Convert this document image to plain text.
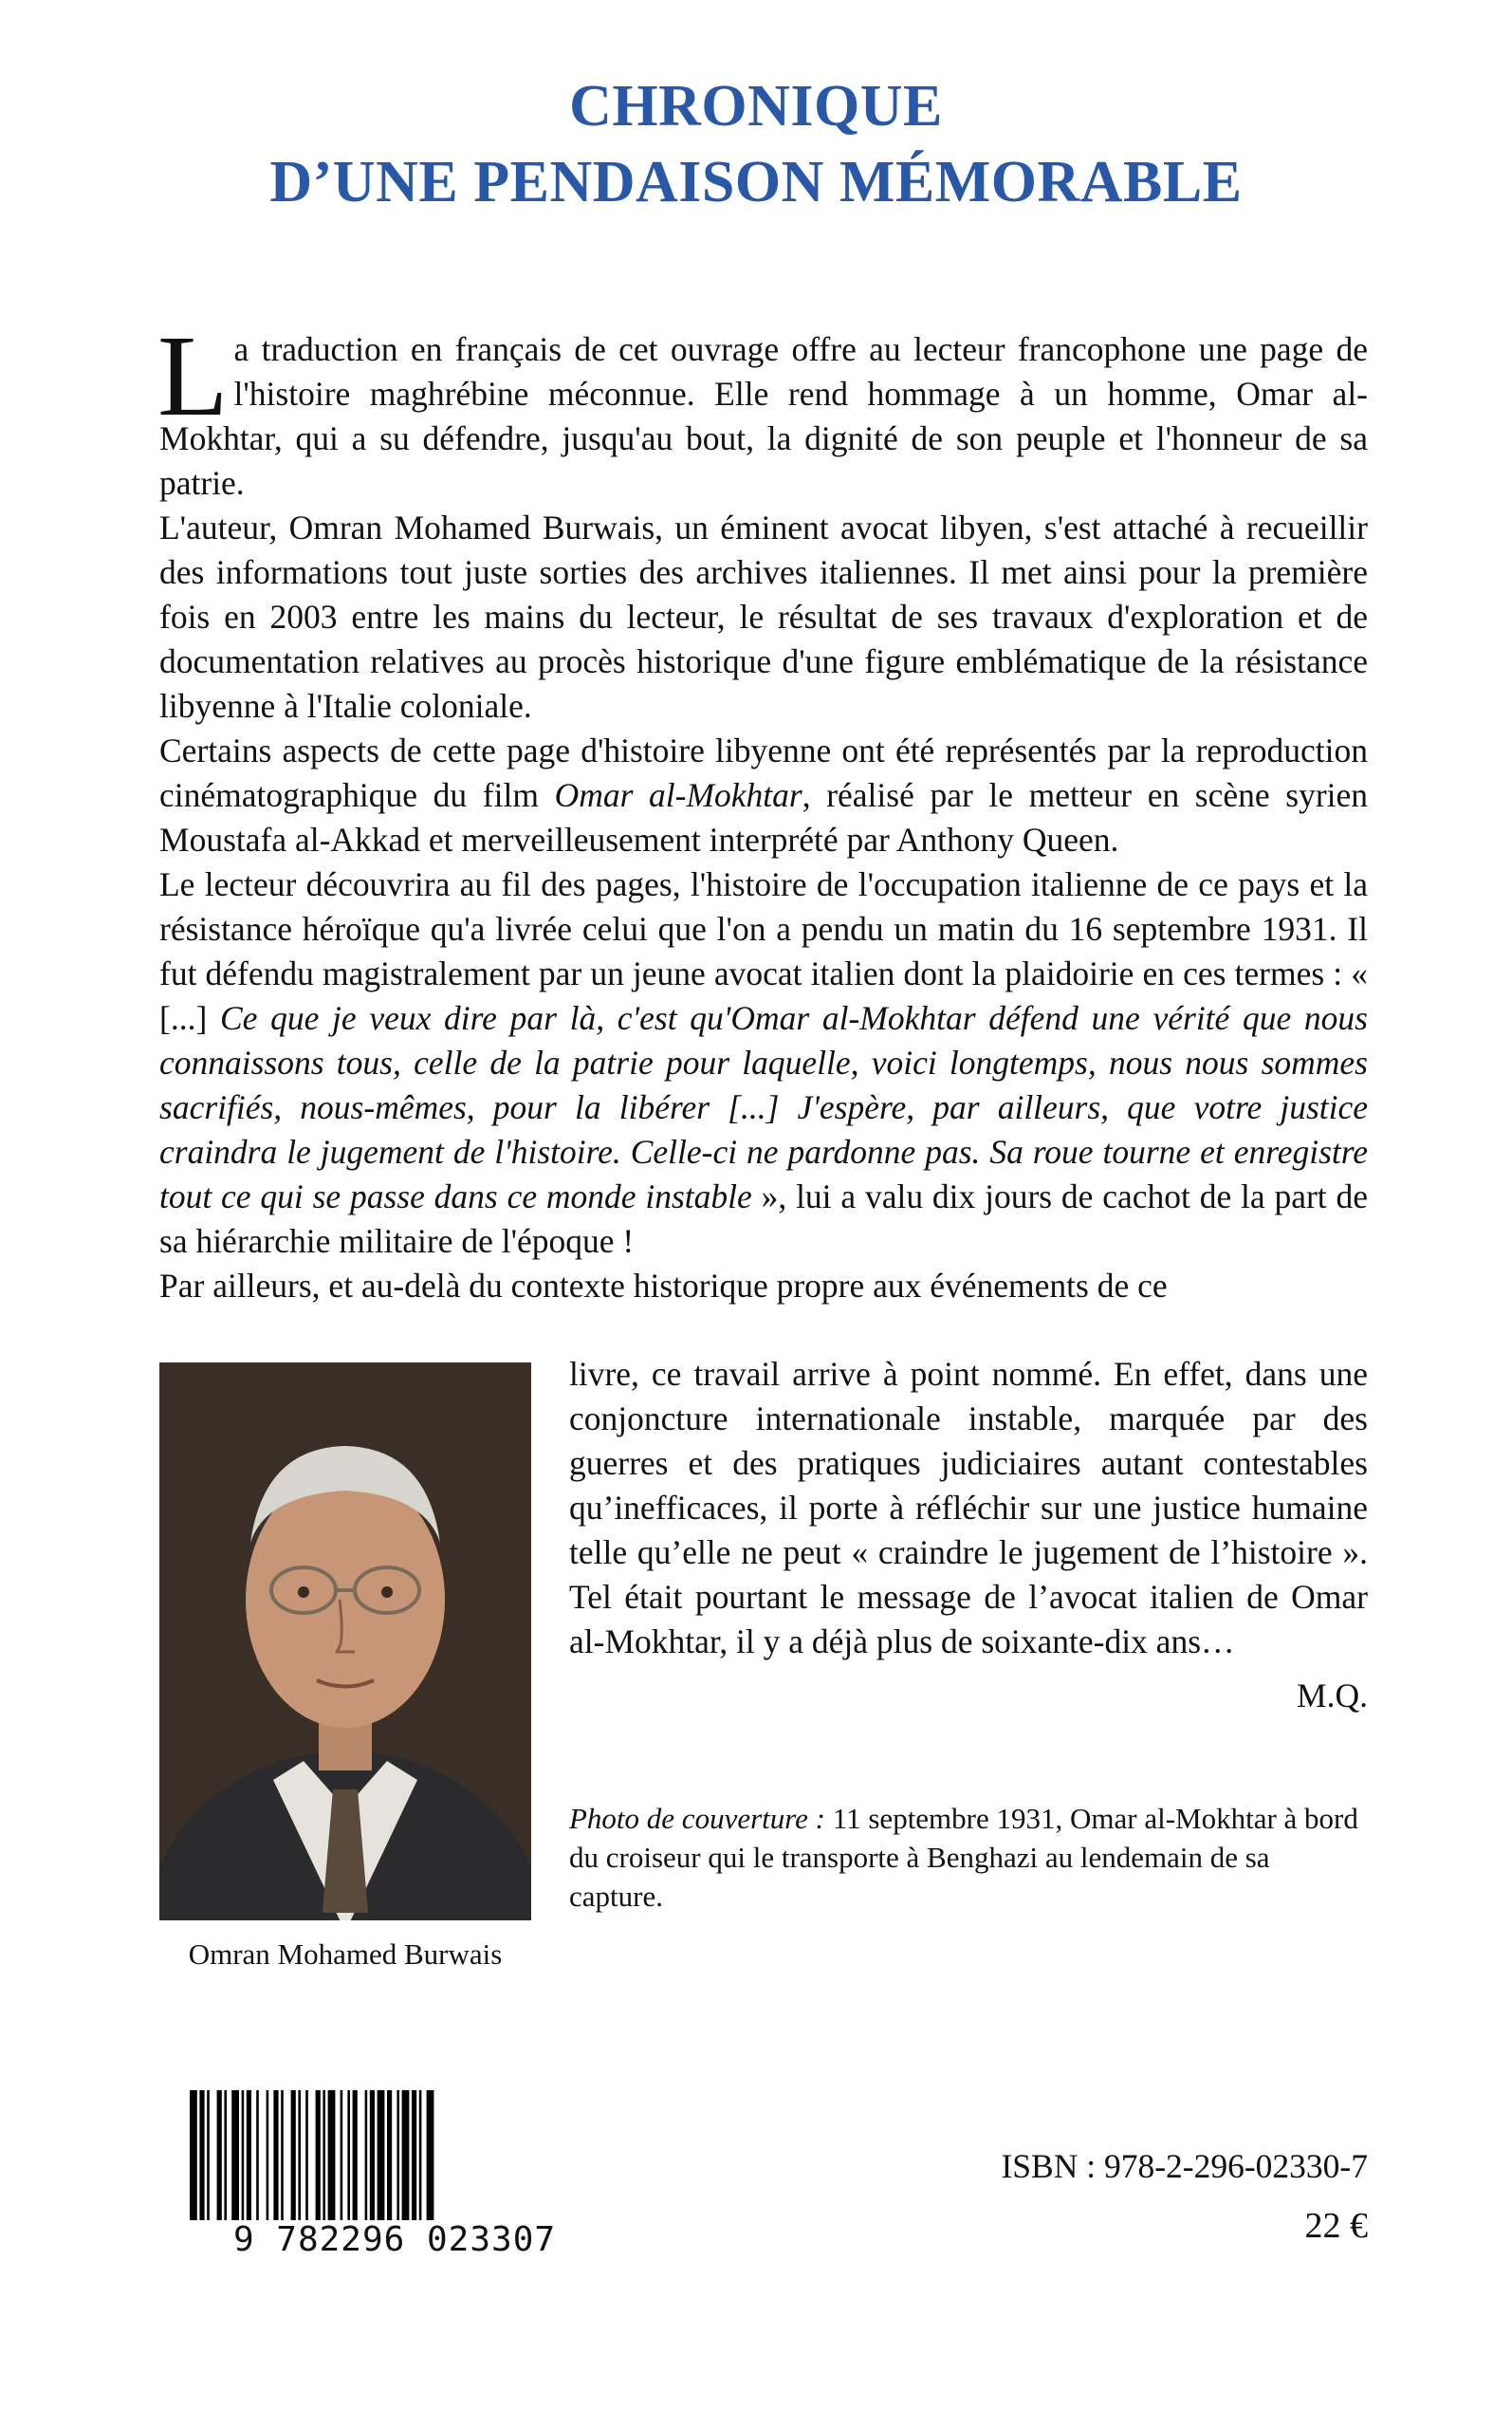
CHRONIQUE
D’UNE PENDAISON MÉMORABLE

La traduction en français de cet ouvrage offre au lecteur francophone une page de l'histoire maghrébine méconnue. Elle rend hommage à un homme, Omar al-Mokhtar, qui a su défendre, jusqu'au bout, la dignité de son peuple et l'honneur de sa patrie.

L'auteur, Omran Mohamed Burwais, un éminent avocat libyen, s'est attaché à recueillir des informations tout juste sorties des archives italiennes. Il met ainsi pour la première fois en 2003 entre les mains du lecteur, le résultat de ses travaux d'exploration et de documentation relatives au procès historique d'une figure emblématique de la résistance libyenne à l'Italie coloniale.

Certains aspects de cette page d'histoire libyenne ont été représentés par la reproduction cinématographique du film Omar al-Mokhtar, réalisé par le metteur en scène syrien Moustafa al-Akkad et merveilleusement interprété par Anthony Queen.

Le lecteur découvrira au fil des pages, l'histoire de l'occupation italienne de ce pays et la résistance héroïque qu'a livrée celui que l'on a pendu un matin du 16 septembre 1931. Il fut défendu magistralement par un jeune avocat italien dont la plaidoirie en ces termes : « [...] Ce que je veux dire par là, c'est qu'Omar al-Mokhtar défend une vérité que nous connaissons tous, celle de la patrie pour laquelle, voici longtemps, nous nous sommes sacrifiés, nous-mêmes, pour la libérer [...] J'espère, par ailleurs, que votre justice craindra le jugement de l'histoire. Celle-ci ne pardonne pas. Sa roue tourne et enregistre tout ce qui se passe dans ce monde instable », lui a valu dix jours de cachot de la part de sa hiérarchie militaire de l'époque !

Par ailleurs, et au-delà du contexte historique propre aux événements de ce

livre, ce travail arrive à point nommé. En effet, dans une conjoncture internationale instable, marquée par des guerres et des pratiques judiciaires autant contestables qu’inefficaces, il porte à réfléchir sur une justice humaine telle qu’elle ne peut « craindre le jugement de l’histoire ». Tel était pourtant le message de l’avocat italien de Omar al-Mokhtar, il y a déjà plus de soixante-dix ans…

M.Q.
Omran Mohamed Burwais
Photo de couverture : 11 septembre 1931, Omar al-Mokhtar à bord du croiseur qui le transporte à Benghazi au lendemain de sa capture.
9 782296 023307
ISBN : 978-2-296-02330-7
22 €
